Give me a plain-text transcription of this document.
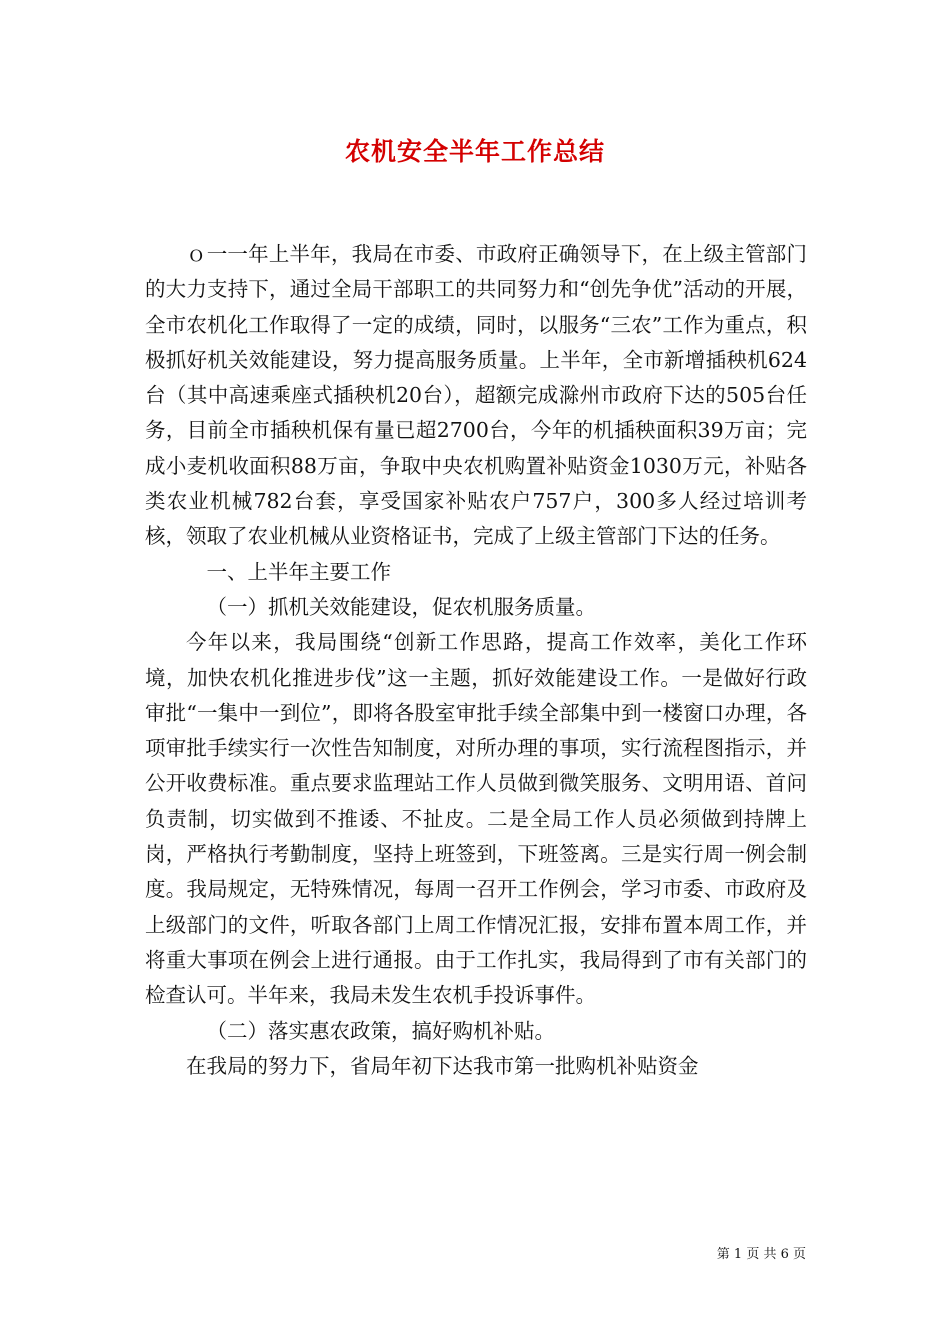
农机安全半年工作总结

ｏ一一年上半年，我局在市委、市政府正确领导下，在上级主管部门的大力支持下，通过全局干部职工的共同努力和“创先争优”活动的开展，全市农机化工作取得了一定的成绩，同时，以服务“三农”工作为重点，积极抓好机关效能建设，努力提高服务质量。上半年，全市新增插秧机624台（其中高速乘座式插秧机20台），超额完成滁州市政府下达的505台任务，目前全市插秧机保有量已超2700台，今年的机插秧面积39万亩；完成小麦机收面积88万亩，争取中央农机购置补贴资金1030万元，补贴各类农业机械782台套，享受国家补贴农户757户，300多人经过培训考核，领取了农业机械从业资格证书，完成了上级主管部门下达的任务。

一、上半年主要工作

（一）抓机关效能建设，促农机服务质量。

今年以来，我局围绕“创新工作思路，提高工作效率，美化工作环境，加快农机化推进步伐”这一主题，抓好效能建设工作。一是做好行政审批“一集中一到位”，即将各股室审批手续全部集中到一楼窗口办理，各项审批手续实行一次性告知制度，对所办理的事项，实行流程图指示，并公开收费标准。重点要求监理站工作人员做到微笑服务、文明用语、首问负责制，切实做到不推诿、不扯皮。二是全局工作人员必须做到持牌上岗，严格执行考勤制度，坚持上班签到，下班签离。三是实行周一例会制度。我局规定，无特殊情况，每周一召开工作例会，学习市委、市政府及上级部门的文件，听取各部门上周工作情况汇报，安排布置本周工作，并将重大事项在例会上进行通报。由于工作扎实，我局得到了市有关部门的检查认可。半年来，我局未发生农机手投诉事件。

（二）落实惠农政策，搞好购机补贴。

在我局的努力下，省局年初下达我市第一批购机补贴资金

第 1 页 共 6 页
